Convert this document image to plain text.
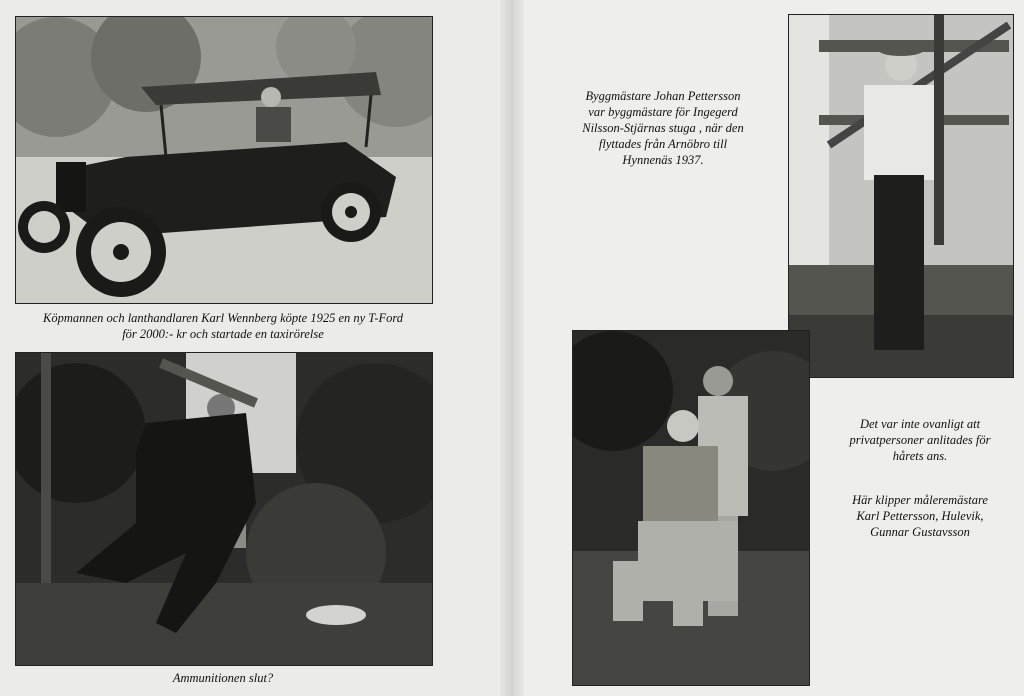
Köpmannen och lanthandlaren Karl Wennberg köpte 1925 en ny T-Ford
för 2000:- kr och startade en taxirörelse
Ammunitionen slut?
Byggmästare Johan Pettersson
var byggmästare för Ingegerd
Nilsson-Stjärnas stuga , när den
flyttades från Arnöbro till
Hynnenäs 1937.
Det var inte ovanligt att
privatpersoner anlitades för
hårets ans.
Här klipper måleremästare
Karl Pettersson, Hulevik,
Gunnar Gustavsson
